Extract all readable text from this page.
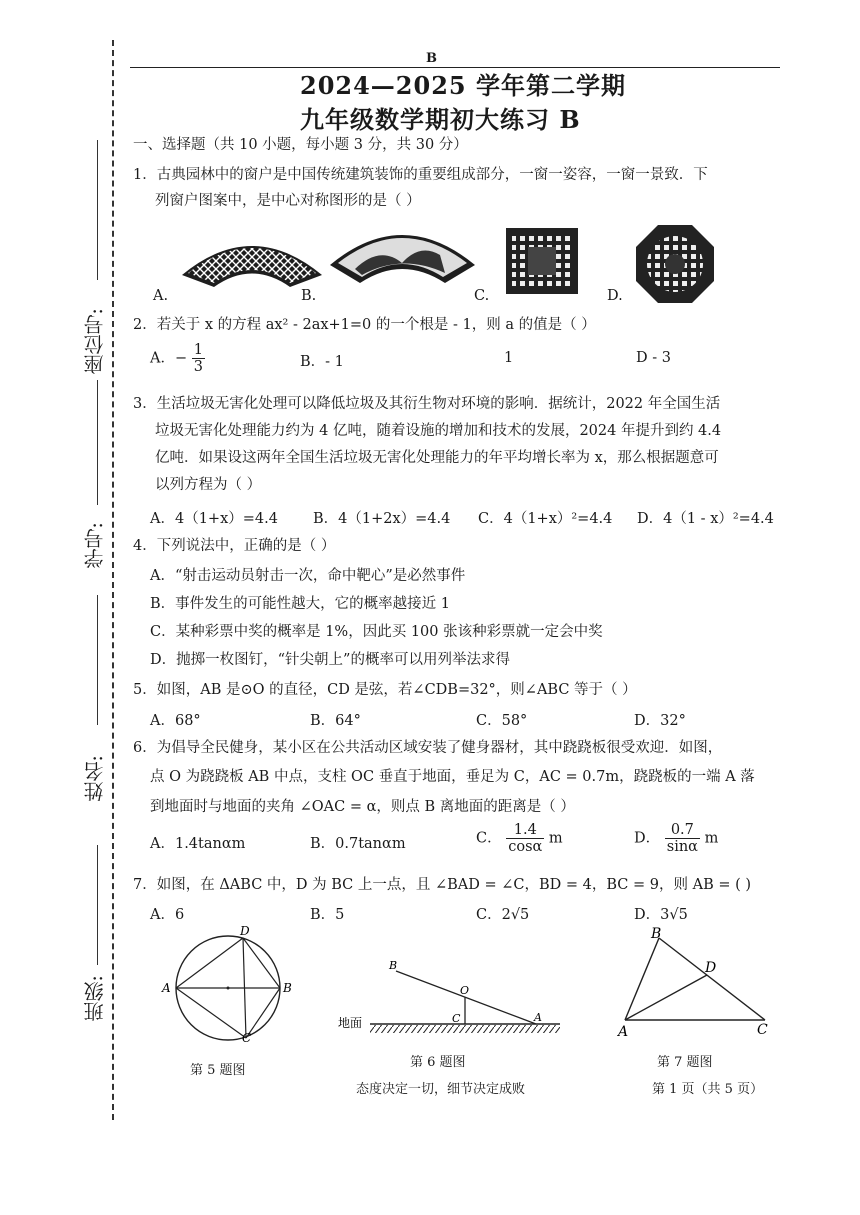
座位号:
学号:
姓名:
班级:
B
2024—2025 学年第二学期
九年级数学期初大练习 B
一、选择题（共 10 小题，每小题 3 分，共 30 分）
1．古典园林中的窗户是中国传统建筑装饰的重要组成部分，一窗一姿容，一窗一景致．下
列窗户图案中，是中心对称图形的是（ ）
A.	B.	C.	D.
2．若关于 x 的方程 ax² - 2ax+1=0 的一个根是 - 1，则 a 的值是（ ）
A．− $\frac{1}{3}$	B．- 1	1	D - 3
3．生活垃圾无害化处理可以降低垃圾及其衍生物对环境的影响．据统计，2022 年全国生活
垃圾无害化处理能力约为 4 亿吨，随着设施的增加和技术的发展，2024 年提升到约 4.4
亿吨．如果设这两年全国生活垃圾无害化处理能力的年平均增长率为 x，那么根据题意可
以列方程为（ ）
A．4（1+x）=4.4 B．4（1+2x）=4.4 C．4（1+x）²=4.4 D．4（1 - x）²=4.4
4．下列说法中，正确的是（ ）
A．“射击运动员射击一次，命中靶心”是必然事件
B．事件发生的可能性越大，它的概率越接近 1
C．某种彩票中奖的概率是 1%，因此买 100 张该种彩票就一定会中奖
D．抛掷一枚图钉，“针尖朝上”的概率可以用列举法求得
5．如图，AB 是⊙O 的直径，CD 是弦，若∠CDB=32°，则∠ABC 等于（ ）
A．68°	B．64°	C．58°	D．32°
6．为倡导全民健身，某小区在公共活动区域安装了健身器材，其中跷跷板很受欢迎．如图，
点 O 为跷跷板 AB 中点，支柱 OC 垂直于地面，垂足为 C，AC = 0.7m，跷跷板的一端 A 落
到地面时与地面的夹角 ∠OAC = α，则点 B 离地面的距离是（ ）
A．1.4tanαm	B．0.7tanαm	C． $\frac{1.4}{\cos\alpha}$ m	D． $\frac{0.7}{\sin\alpha}$ m
7．如图，在 ΔABC 中，D 为 BC 上一点，且 ∠BAD = ∠C，BD = 4，BC = 9，则 AB = ( )
A．6	B．5	C．2√5	D．3√5
A	B
D
C
第 5 题图
地面
B
O
C	A
第 6 题图
B
D
A	C
第 7 题图
态度决定一切，细节决定成败	第 1 页（共 5 页）
